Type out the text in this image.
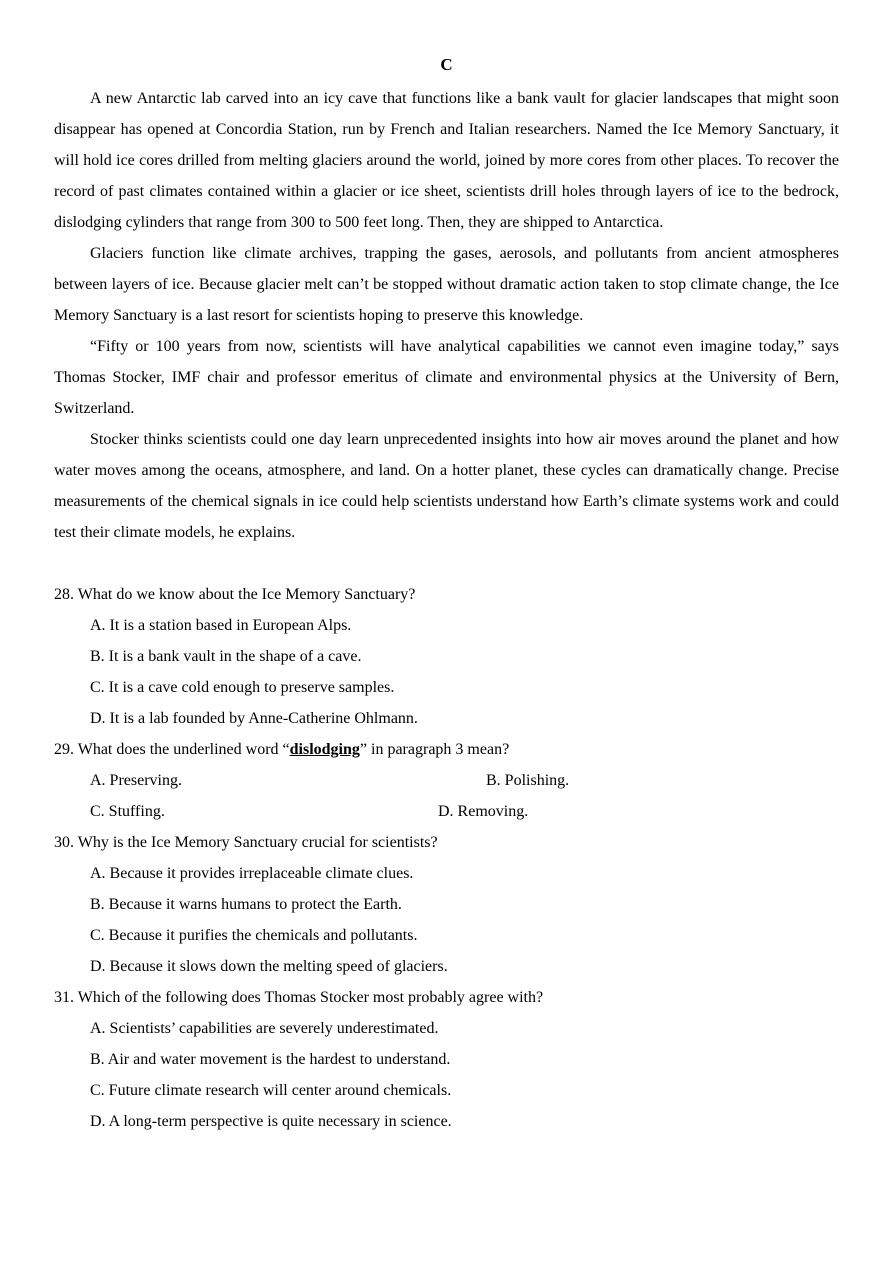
C

A new Antarctic lab carved into an icy cave that functions like a bank vault for glacier landscapes that might soon disappear has opened at Concordia Station, run by French and Italian researchers. Named the Ice Memory Sanctuary, it will hold ice cores drilled from melting glaciers around the world, joined by more cores from other places. To recover the record of past climates contained within a glacier or ice sheet, scientists drill holes through layers of ice to the bedrock, dislodging cylinders that range from 300 to 500 feet long. Then, they are shipped to Antarctica.

Glaciers function like climate archives, trapping the gases, aerosols, and pollutants from ancient atmospheres between layers of ice. Because glacier melt can’t be stopped without dramatic action taken to stop climate change, the Ice Memory Sanctuary is a last resort for scientists hoping to preserve this knowledge.

“Fifty or 100 years from now, scientists will have analytical capabilities we cannot even imagine today,” says Thomas Stocker, IMF chair and professor emeritus of climate and environmental physics at the University of Bern, Switzerland.

Stocker thinks scientists could one day learn unprecedented insights into how air moves around the planet and how water moves among the oceans, atmosphere, and land. On a hotter planet, these cycles can dramatically change. Precise measurements of the chemical signals in ice could help scientists understand how Earth’s climate systems work and could test their climate models, he explains.

28. What do we know about the Ice Memory Sanctuary?

A. It is a station based in European Alps.

B. It is a bank vault in the shape of a cave.

C. It is a cave cold enough to preserve samples.

D. It is a lab founded by Anne-Catherine Ohlmann.

29. What does the underlined word “dislodging” in paragraph 3 mean?

A. Preserving.	B. Polishing.
C. Stuffing.	D. Removing.

30. Why is the Ice Memory Sanctuary crucial for scientists?

A. Because it provides irreplaceable climate clues.

B. Because it warns humans to protect the Earth.

C. Because it purifies the chemicals and pollutants.

D. Because it slows down the melting speed of glaciers.

31. Which of the following does Thomas Stocker most probably agree with?

A. Scientists’ capabilities are severely underestimated.

B. Air and water movement is the hardest to understand.

C. Future climate research will center around chemicals.

D. A long-term perspective is quite necessary in science.
